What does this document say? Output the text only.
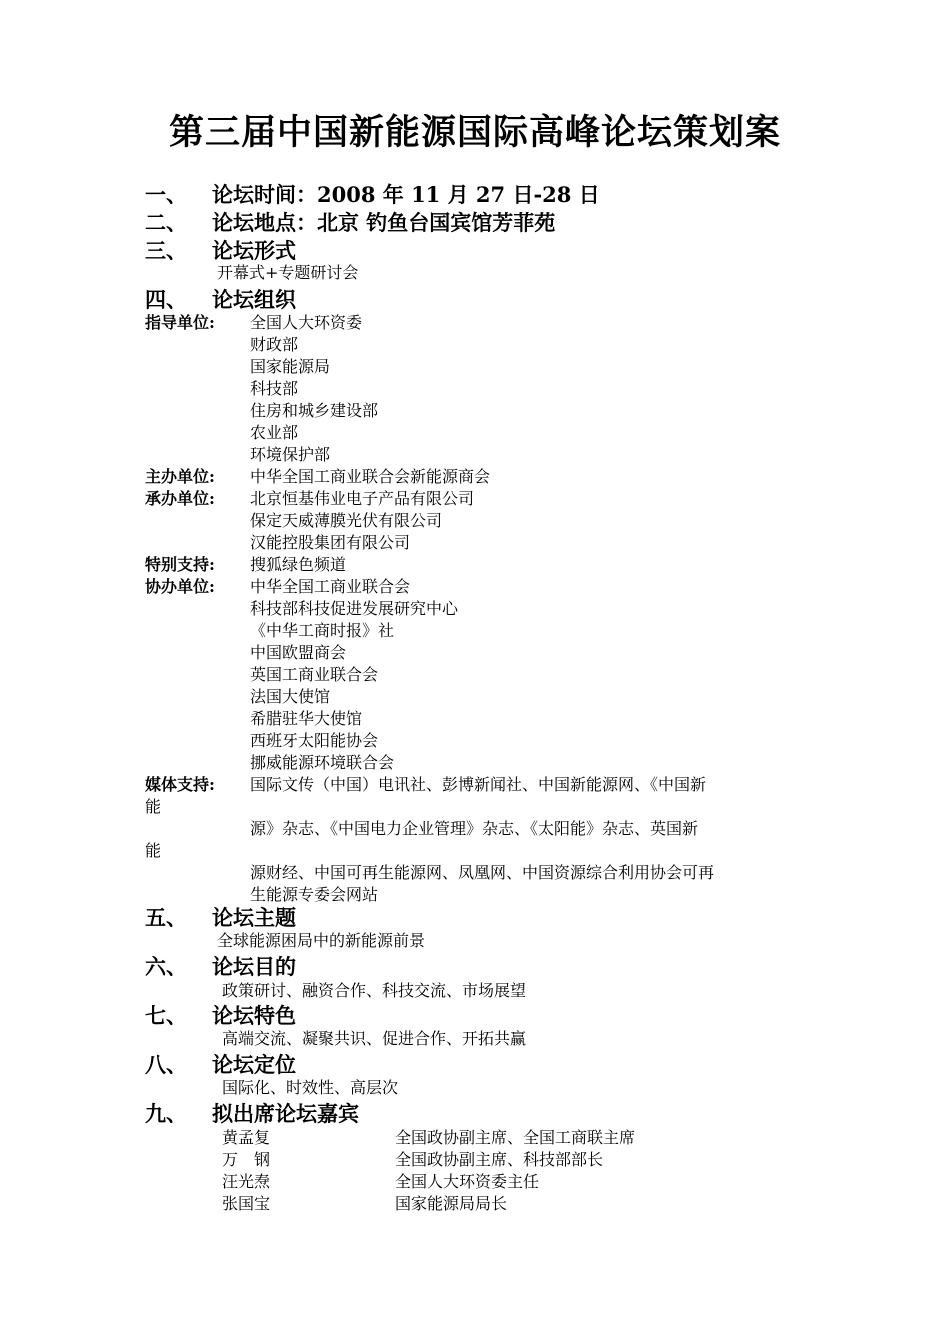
第三届中国新能源国际高峰论坛策划案
一、 论坛时间：2008 年 11 月 27 日-28 日
二、 论坛地点：北京 钓鱼台国宾馆芳菲苑
三、 论坛形式
开幕式+专题研讨会
四、 论坛组织
指导单位: 全国人大环资委
财政部
国家能源局
科技部
住房和城乡建设部
农业部
环境保护部
主办单位: 中华全国工商业联合会新能源商会
承办单位: 北京恒基伟业电子产品有限公司
保定天威薄膜光伏有限公司
汉能控股集团有限公司
特别支持: 搜狐绿色频道
协办单位: 中华全国工商业联合会
科技部科技促进发展研究中心
《中华工商时报》社
中国欧盟商会
英国工商业联合会
法国大使馆
希腊驻华大使馆
西班牙太阳能协会
挪威能源环境联合会
媒体支持: 国际文传（中国）电讯社、彭博新闻社、中国新能源网、《中国新
能
源》杂志、《中国电力企业管理》杂志、《太阳能》杂志、英国新
能
源财经、中国可再生能源网、凤凰网、中国资源综合利用协会可再
生能源专委会网站
五、 论坛主题
全球能源困局中的新能源前景
六、 论坛目的
政策研讨、融资合作、科技交流、市场展望
七、 论坛特色
高端交流、凝聚共识、促进合作、开拓共赢
八、 论坛定位
国际化、时效性、高层次
九、 拟出席论坛嘉宾
黄孟复	全国政协副主席、全国工商联主席
万　钢	全国政协副主席、科技部部长
汪光焘	全国人大环资委主任
张国宝	国家能源局局长
